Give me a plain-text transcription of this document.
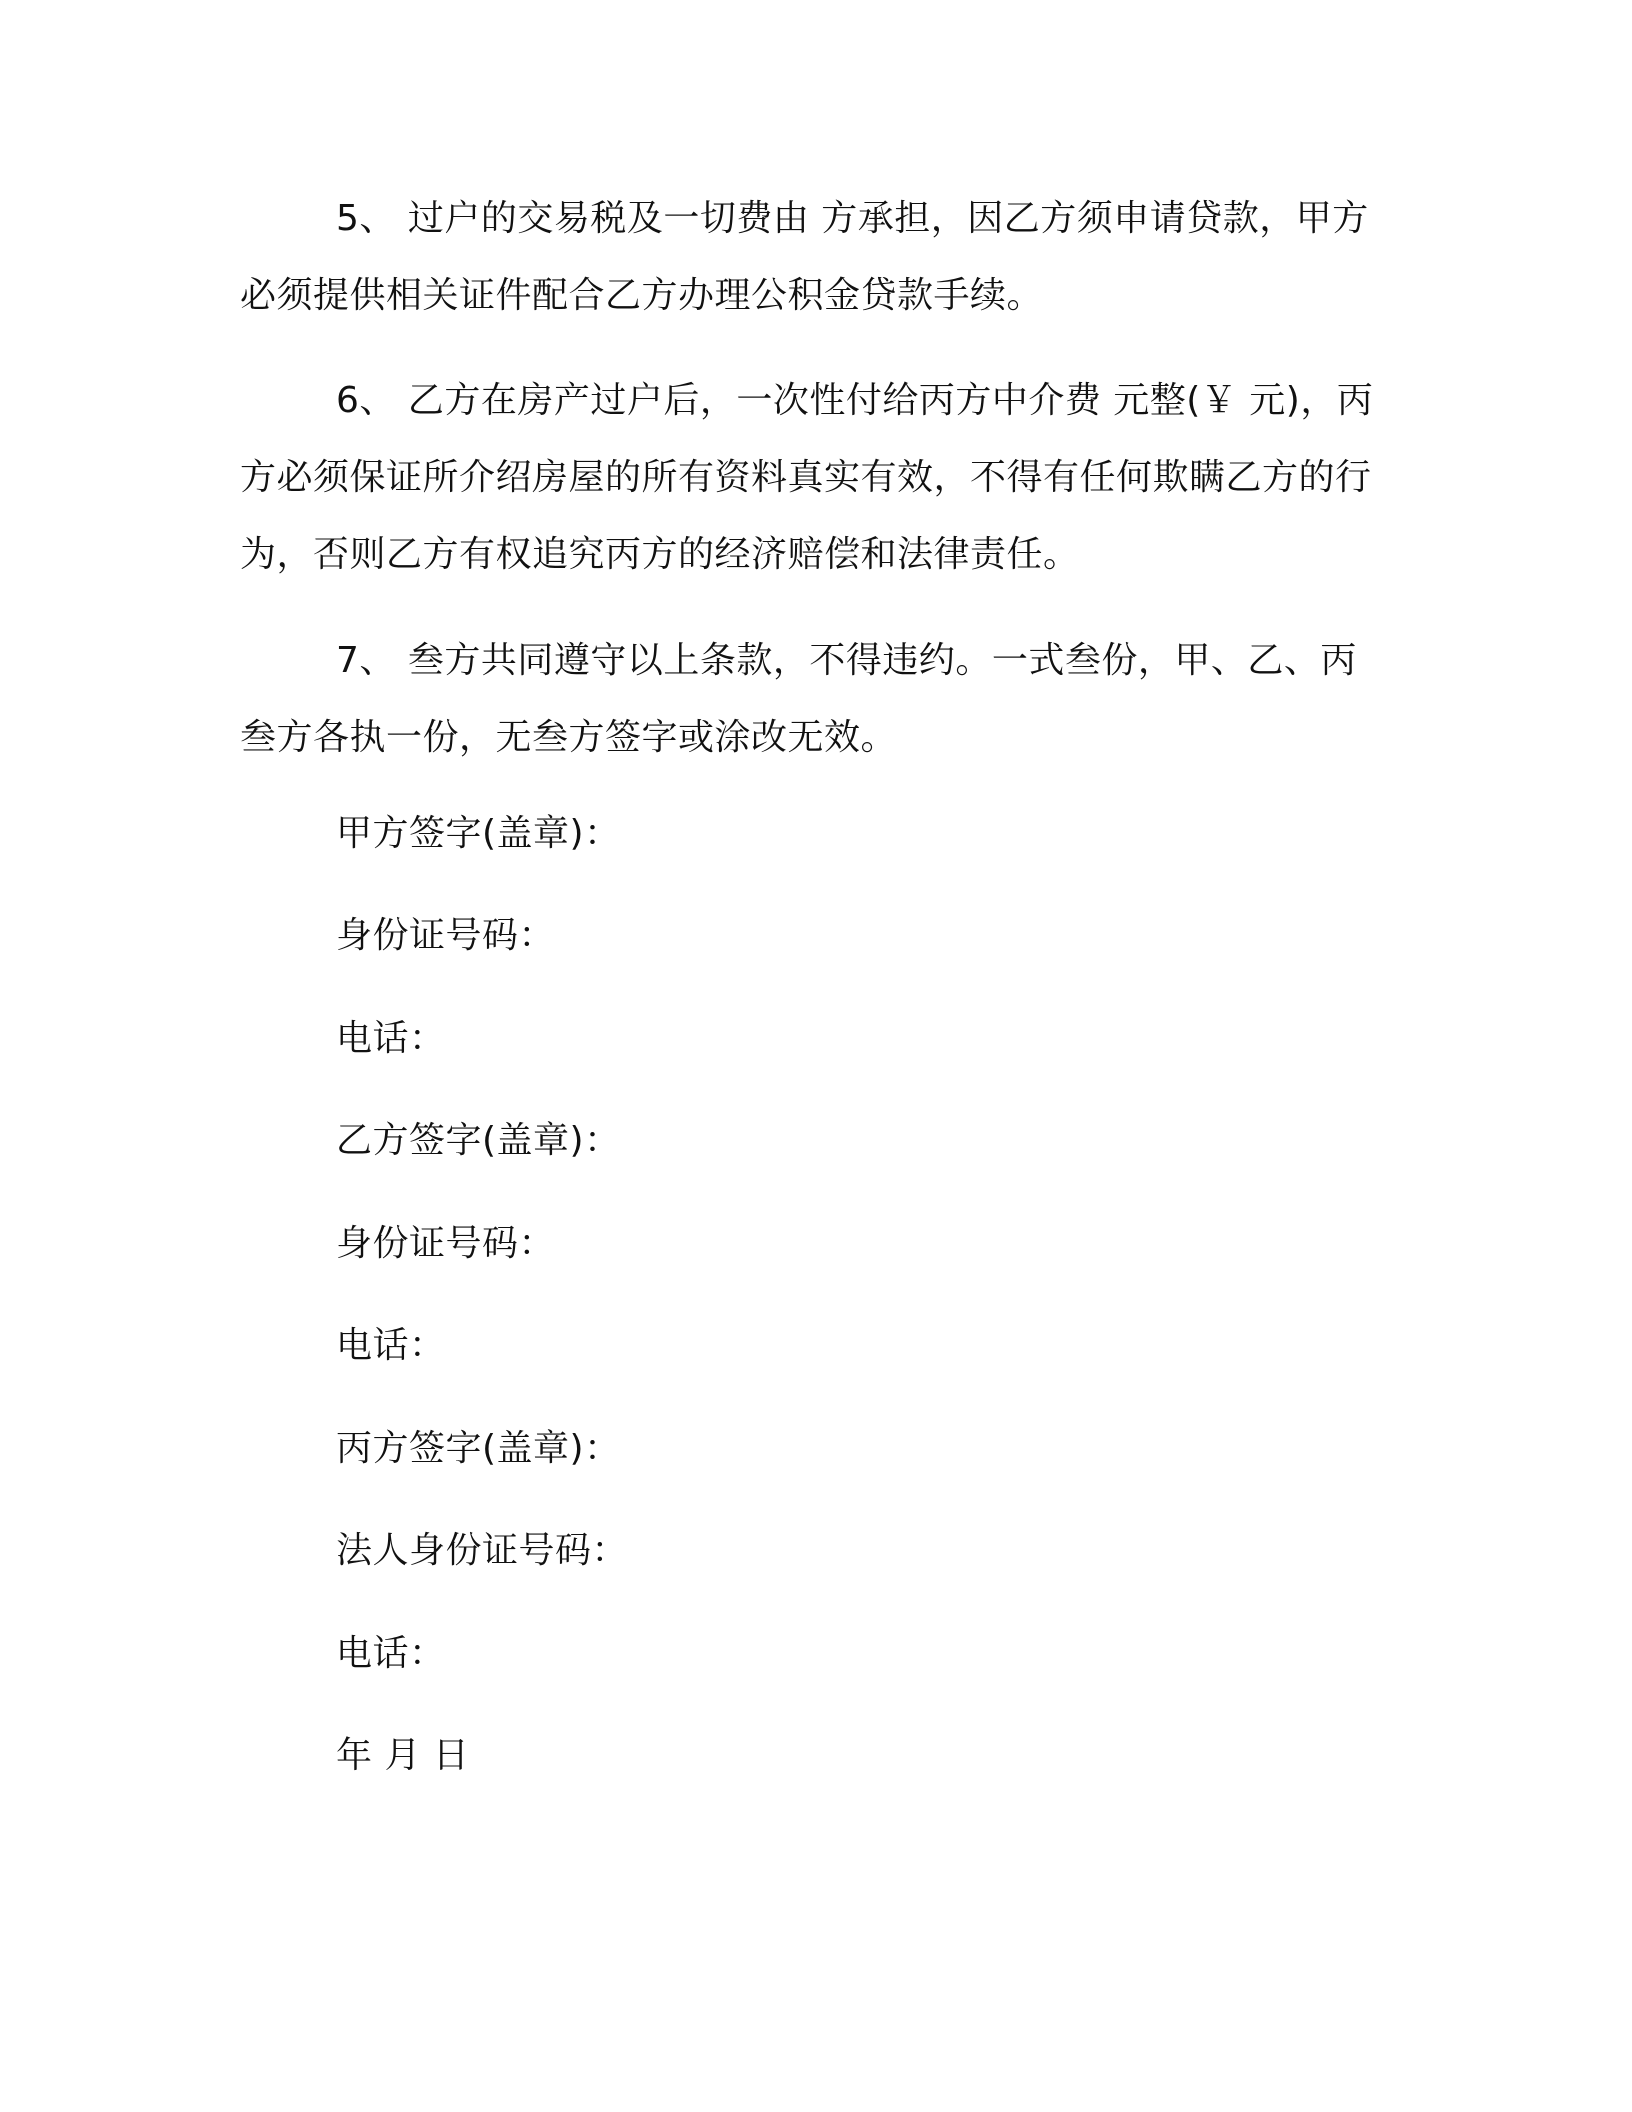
5、 过户的交易税及一切费由 方承担，因乙方须申请贷款，甲方必须提供相关证件配合乙方办理公积金贷款手续。

6、 乙方在房产过户后，一次性付给丙方中介费 元整(￥ 元)，丙方必须保证所介绍房屋的所有资料真实有效，不得有任何欺瞒乙方的行为，否则乙方有权追究丙方的经济赔偿和法律责任。

7、 叁方共同遵守以上条款，不得违约。一式叁份，甲、乙、丙叁方各执一份，无叁方签字或涂改无效。

甲方签字(盖章)：

身份证号码：

电话：

乙方签字(盖章)：

身份证号码：

电话：

丙方签字(盖章)：

法人身份证号码：

电话：

年 月 日
